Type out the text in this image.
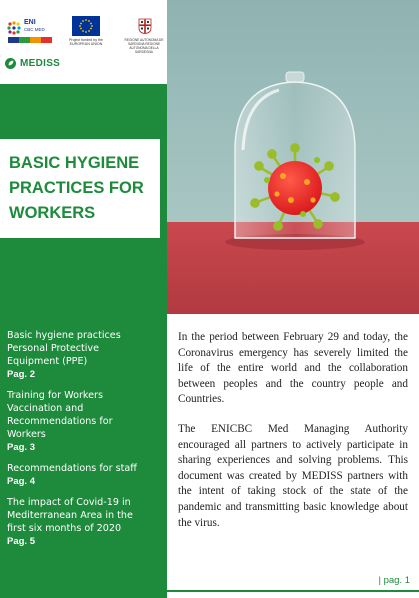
ENI
CBC MED
Project funded by the EUROPEAN UNION
REGIONE AUTONOMA DE SARDIGNA REGIONE AUTONOMA DELLA SARDEGNA
MEDISS
BASIC HYGIENE
PRACTICES FOR
WORKERS
Basic hygiene practices
Personal Protective
Equipment (PPE)
Pag. 2
Training for Workers
Vaccination and
Recommendations for
Workers
Pag. 3
Recommendations for staff
Pag. 4
The impact of Covid-19 in
Mediterranean Area in the
first six months of 2020
Pag. 5

In the period between February 29 and today, the Coronavirus emergency has severely limited the life of the entire world and the collaboration between peoples and the country people and Countries.

The ENICBC Med Managing Authority encouraged all partners to actively participate in sharing experiences and solving problems. This document was created by MEDISS partners with the intent of taking stock of the state of the pandemic and transmitting basic knowledge about the virus.

| pag. 1
